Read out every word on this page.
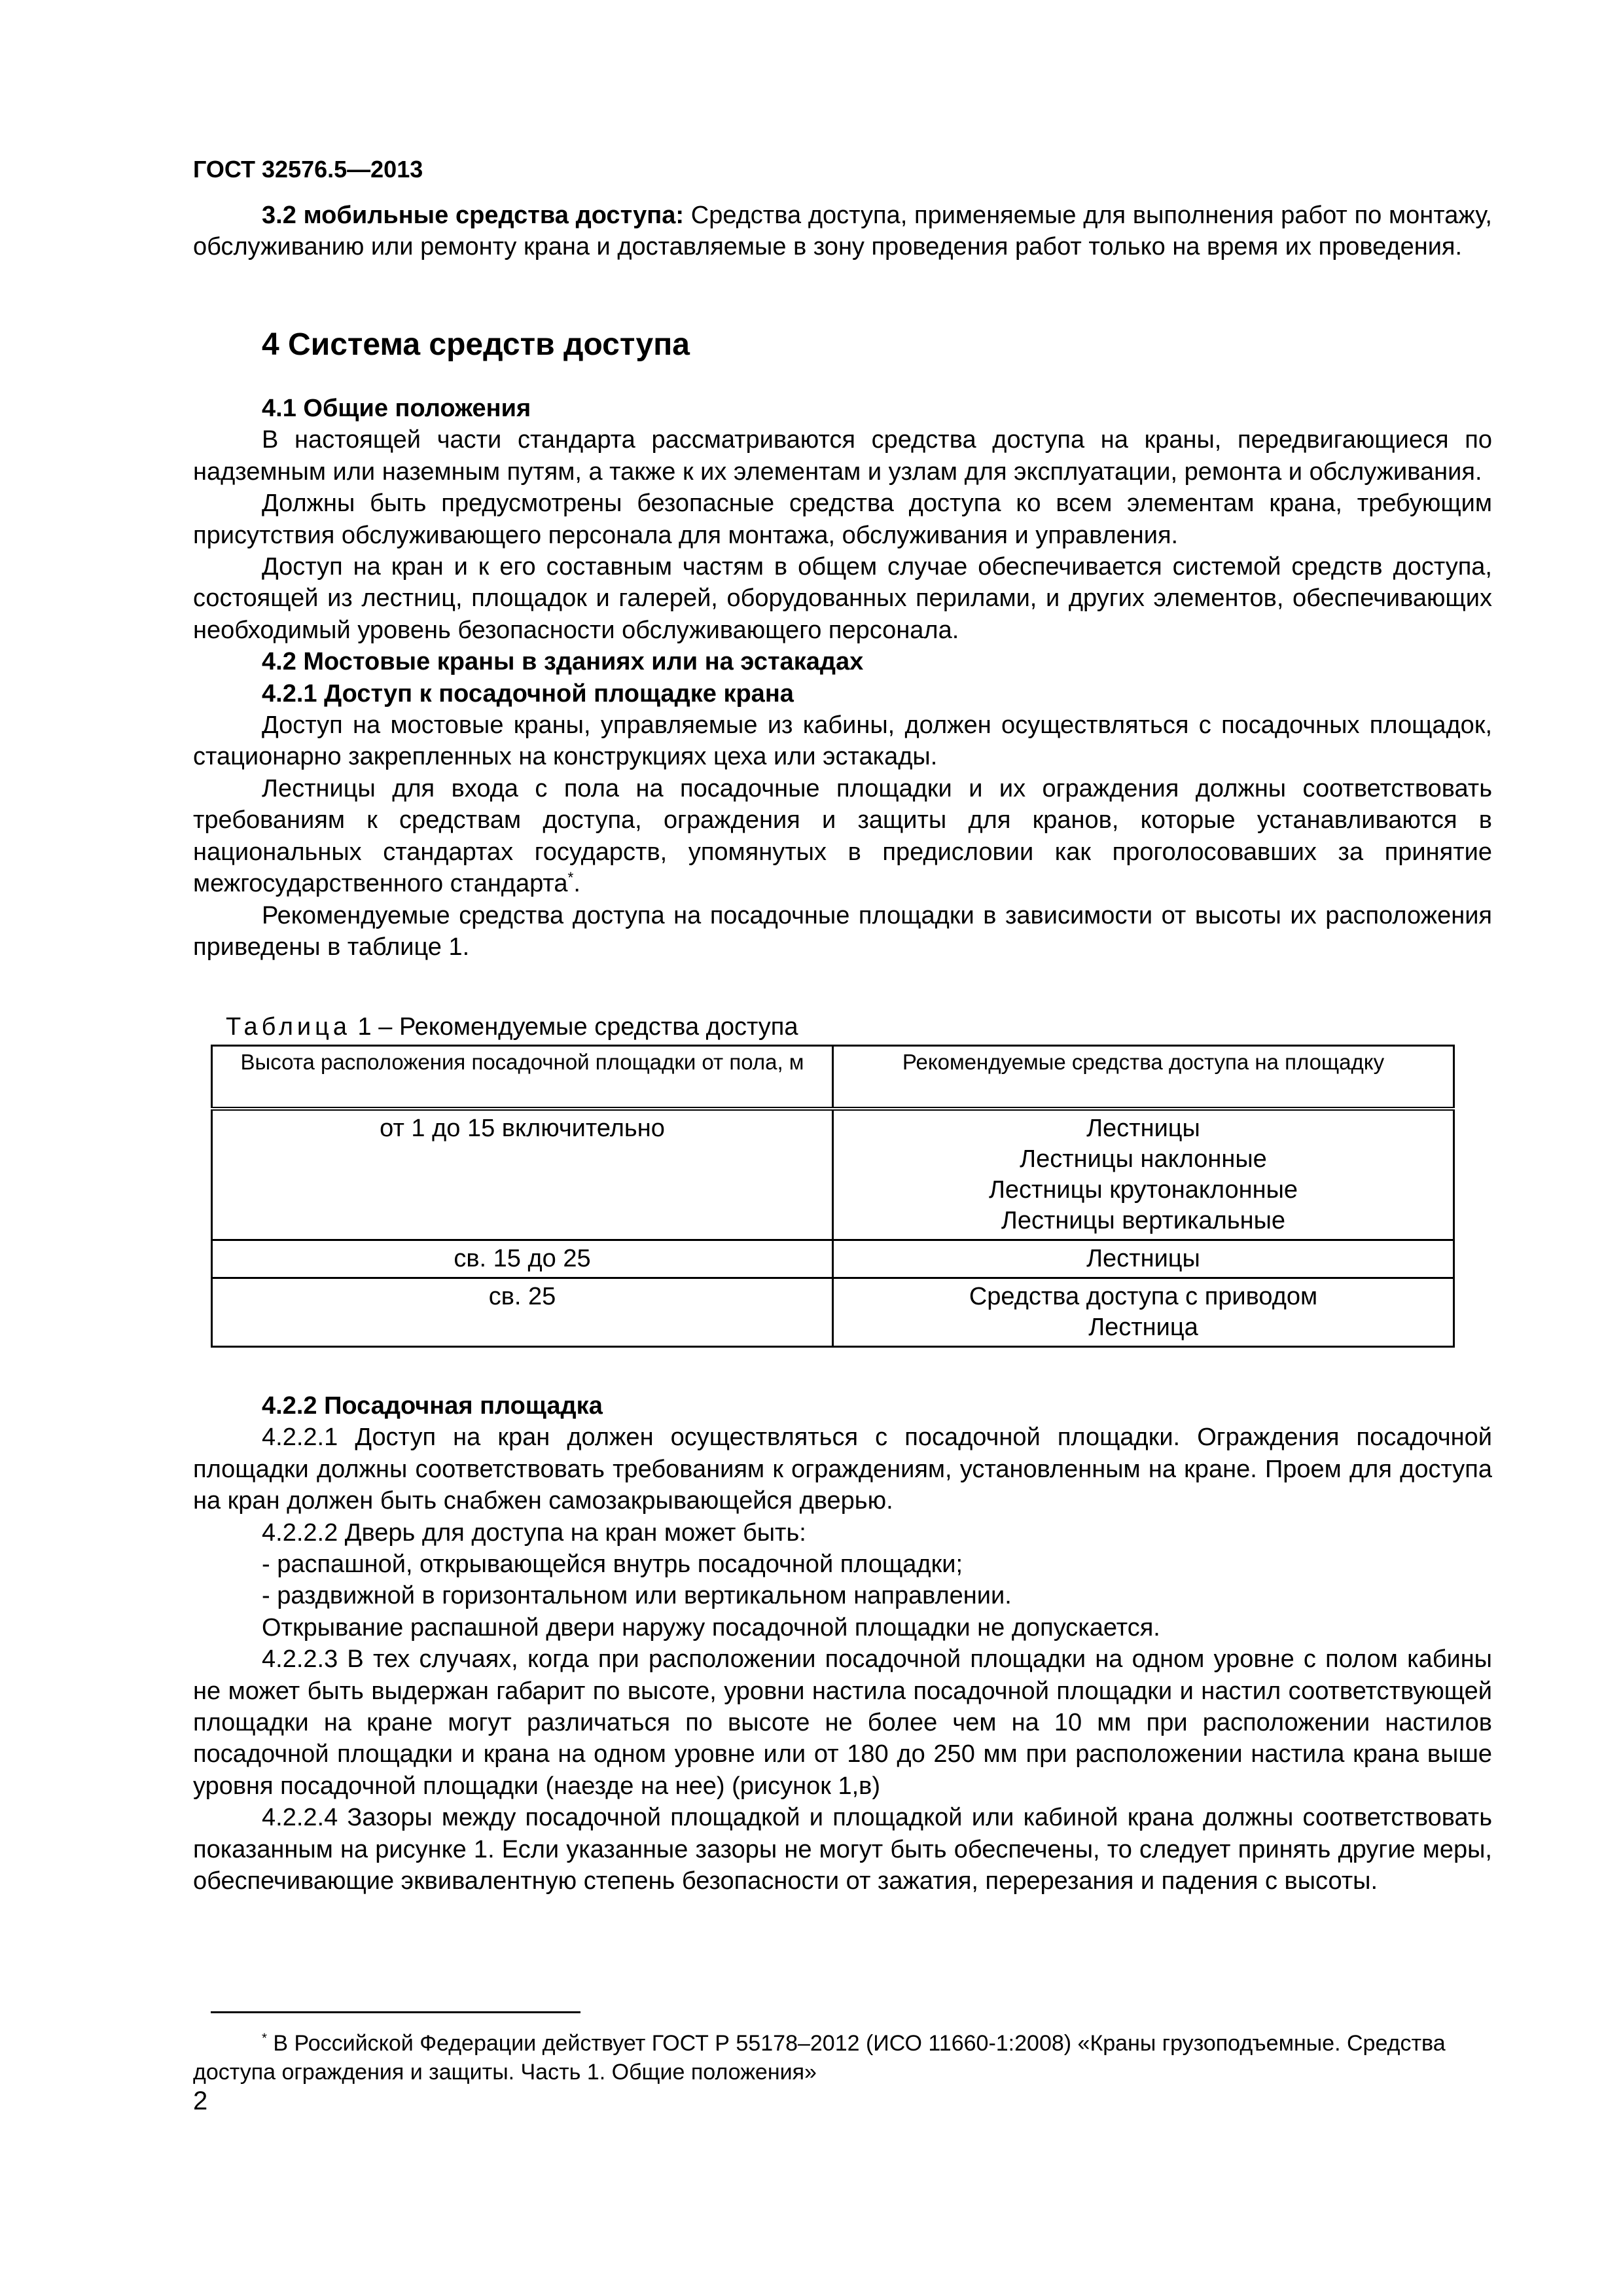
ГОСТ 32576.5—2013

3.2 мобильные средства доступа: Средства доступа, применяемые для выполнения работ по монтажу, обслуживанию или ремонту крана и доставляемые в зону проведения работ только на время их проведения.

4 Система средств доступа

4.1 Общие положения

В настоящей части стандарта рассматриваются средства доступа на краны, передвигающиеся по надземным или наземным путям, а также к их элементам и узлам для эксплуатации, ремонта и обслуживания.

Должны быть предусмотрены безопасные средства доступа ко всем элементам крана, требующим присутствия обслуживающего персонала для монтажа, обслуживания и управления.

Доступ на кран и к его составным частям в общем случае обеспечивается системой средств доступа, состоящей из лестниц, площадок и галерей, оборудованных перилами, и других элементов, обеспечивающих необходимый уровень безопасности обслуживающего персонала.

4.2 Мостовые краны в зданиях или на эстакадах

4.2.1 Доступ к посадочной площадке крана

Доступ на мостовые краны, управляемые из кабины, должен осуществляться с посадочных площадок, стационарно закрепленных на конструкциях цеха или эстакады.

Лестницы для входа с пола на посадочные площадки и их ограждения должны соответствовать требованиям к средствам доступа, ограждения и защиты для кранов, которые устанавливаются в национальных стандартах государств, упомянутых в предисловии как проголосовавших за принятие межгосударственного стандарта*.

Рекомендуемые средства доступа на посадочные площадки в зависимости от высоты их расположения приведены в таблице 1.

Таблица 1 – Рекомендуемые средства доступа
Высота расположения посадочной площадки от пола, м	Рекомендуемые средства доступа на площадку
от 1 до 15 включительно	Лестницы
Лестницы наклонные
Лестницы крутонаклонные
Лестницы вертикальные

св. 15 до 25	Лестницы

св. 25	Средства доступа с приводом
Лестница

4.2.2 Посадочная площадка

4.2.2.1 Доступ на кран должен осуществляться с посадочной площадки. Ограждения посадочной площадки должны соответствовать требованиям к ограждениям, установленным на кране. Проем для доступа на кран должен быть снабжен самозакрывающейся дверью.

4.2.2.2 Дверь для доступа на кран может быть:

- распашной, открывающейся внутрь посадочной площадки;

- раздвижной в горизонтальном или вертикальном направлении.

Открывание распашной двери наружу посадочной площадки не допускается.

4.2.2.3 В тех случаях, когда при расположении посадочной площадки на одном уровне с полом кабины не может быть выдержан габарит по высоте, уровни настила посадочной площадки и настил соответствующей площадки на кране могут различаться по высоте не более чем на 10 мм при расположении настилов посадочной площадки и крана на одном уровне или от 180 до 250 мм при расположении настила крана выше уровня посадочной площадки (наезде на нее) (рисунок 1,в)

4.2.2.4 Зазоры между посадочной площадкой и площадкой или кабиной крана должны соответствовать показанным на рисунке 1. Если указанные зазоры не могут быть обеспечены, то следует принять другие меры, обеспечивающие эквивалентную степень безопасности от зажатия, перерезания и падения с высоты.

* В Российской Федерации действует ГОСТ Р 55178–2012 (ИСО 11660-1:2008) «Краны грузоподъемные. Средства доступа ограждения и защиты. Часть 1. Общие положения»

2
